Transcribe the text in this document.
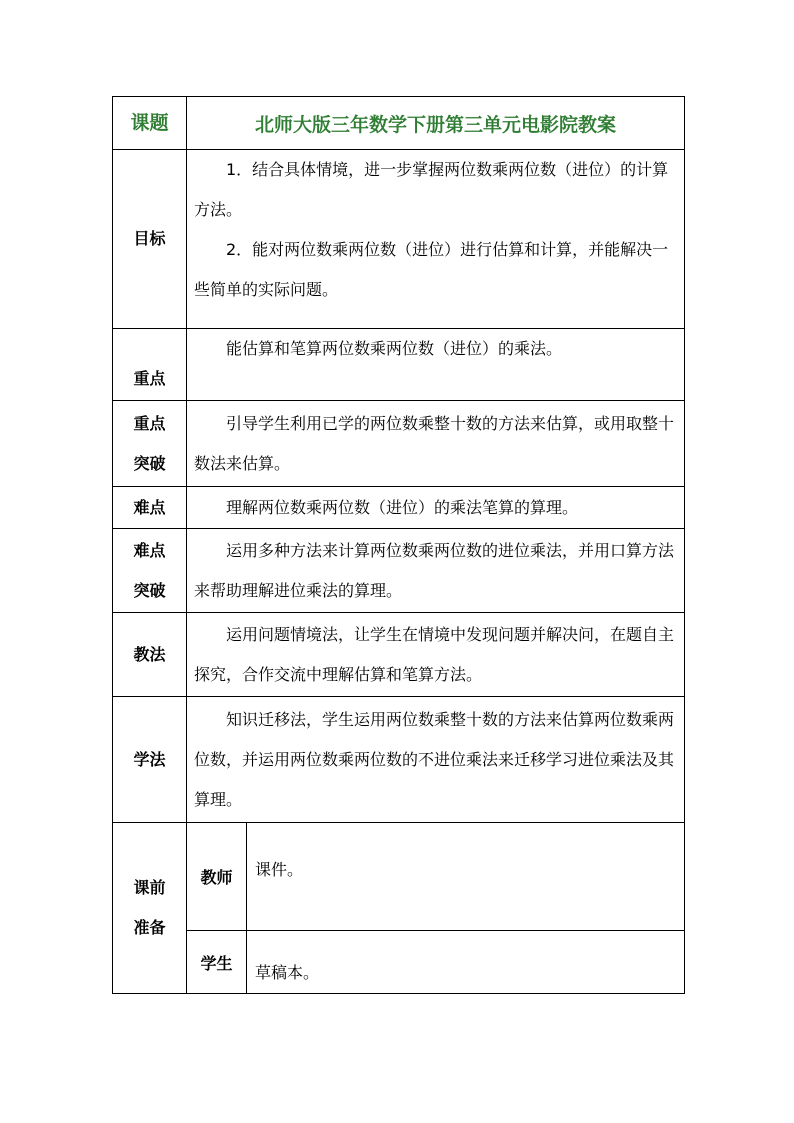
课题	北师大版三年数学下册第三单元电影院教案	
目标	1．结合具体情境，进一步掌握两位数乘两位数（进位）的计算方法。

2．能对两位数乘两位数（进位）进行估算和计算，并能解决一些简单的实际问题。	

重点	能估算和笔算两位数乘两位数（进位）的乘法。	

重点
突破	引导学生利用已学的两位数乘整十数的方法来估算，或用取整十数法来估算。	

难点	理解两位数乘两位数（进位）的乘法笔算的算理。	

难点
突破	运用多种方法来计算两位数乘两位数的进位乘法，并用口算方法来帮助理解进位乘法的算理。	

教法	运用问题情境法，让学生在情境中发现问题并解决问，在题自主探究，合作交流中理解估算和笔算方法。	

学法	知识迁移法，学生运用两位数乘整十数的方法来估算两位数乘两位数，并运用两位数乘两位数的不进位乘法来迁移学习进位乘法及其算理。	

课前
准备	教师	课件。
	学生	草稿本。
